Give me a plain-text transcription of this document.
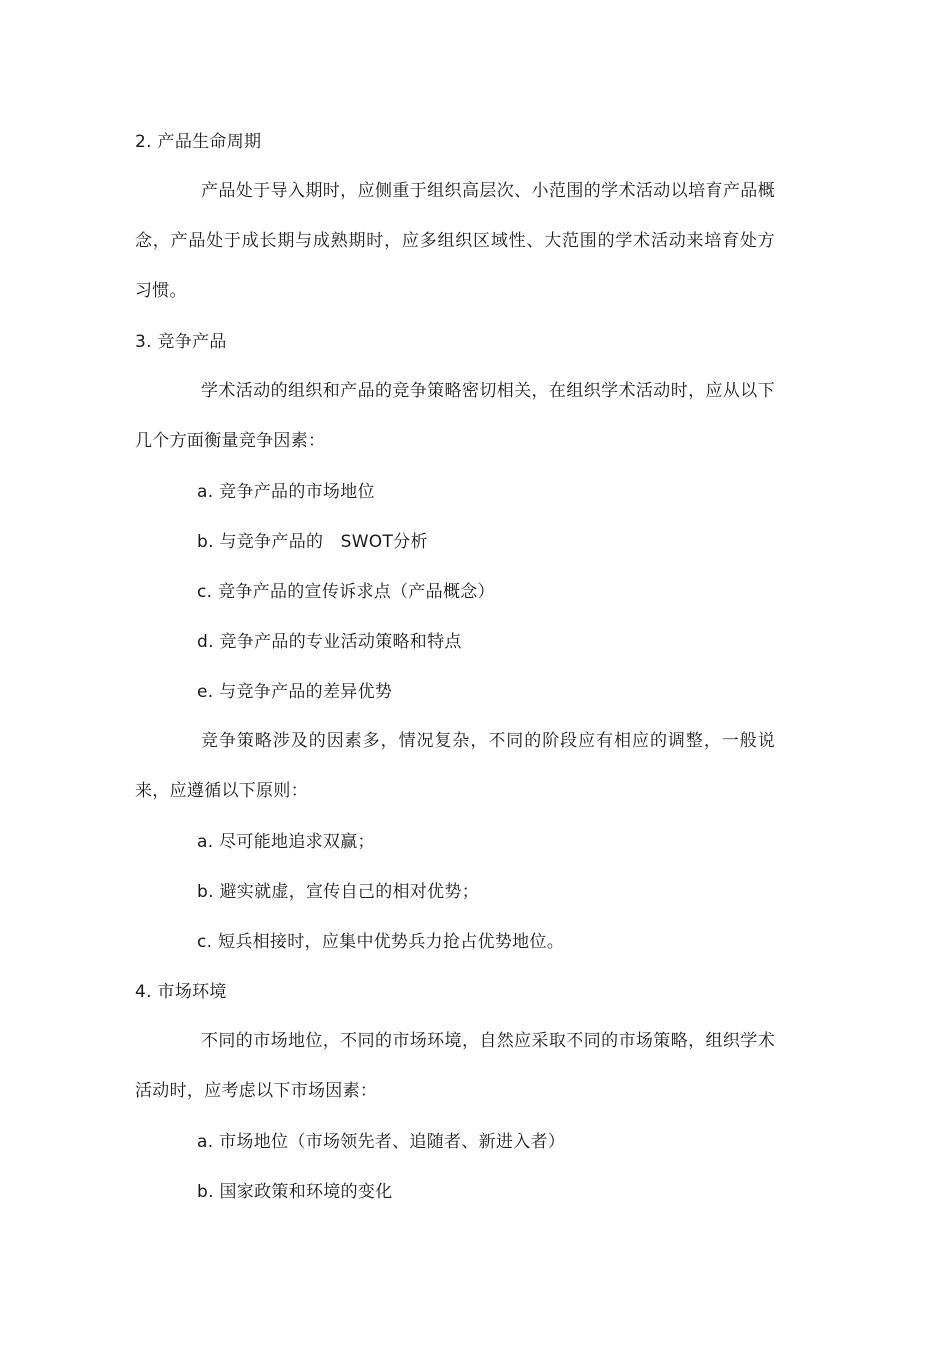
2. 产品生命周期

产品处于导入期时，应侧重于组织高层次、小范围的学术活动以培育产品概念，产品处于成长期与成熟期时，应多组织区域性、大范围的学术活动来培育处方习惯。

3. 竞争产品

学术活动的组织和产品的竞争策略密切相关，在组织学术活动时，应从以下几个方面衡量竞争因素：

a. 竞争产品的市场地位
b. 与竞争产品的　SWOT分析
c. 竞争产品的宣传诉求点（产品概念）
d. 竞争产品的专业活动策略和特点
e. 与竞争产品的差异优势

竞争策略涉及的因素多，情况复杂，不同的阶段应有相应的调整，一般说来，应遵循以下原则：

a. 尽可能地追求双赢；
b. 避实就虚，宣传自己的相对优势；
c. 短兵相接时，应集中优势兵力抢占优势地位。
4. 市场环境

不同的市场地位，不同的市场环境，自然应采取不同的市场策略，组织学术活动时，应考虑以下市场因素：

a. 市场地位（市场领先者、追随者、新进入者）
b. 国家政策和环境的变化
